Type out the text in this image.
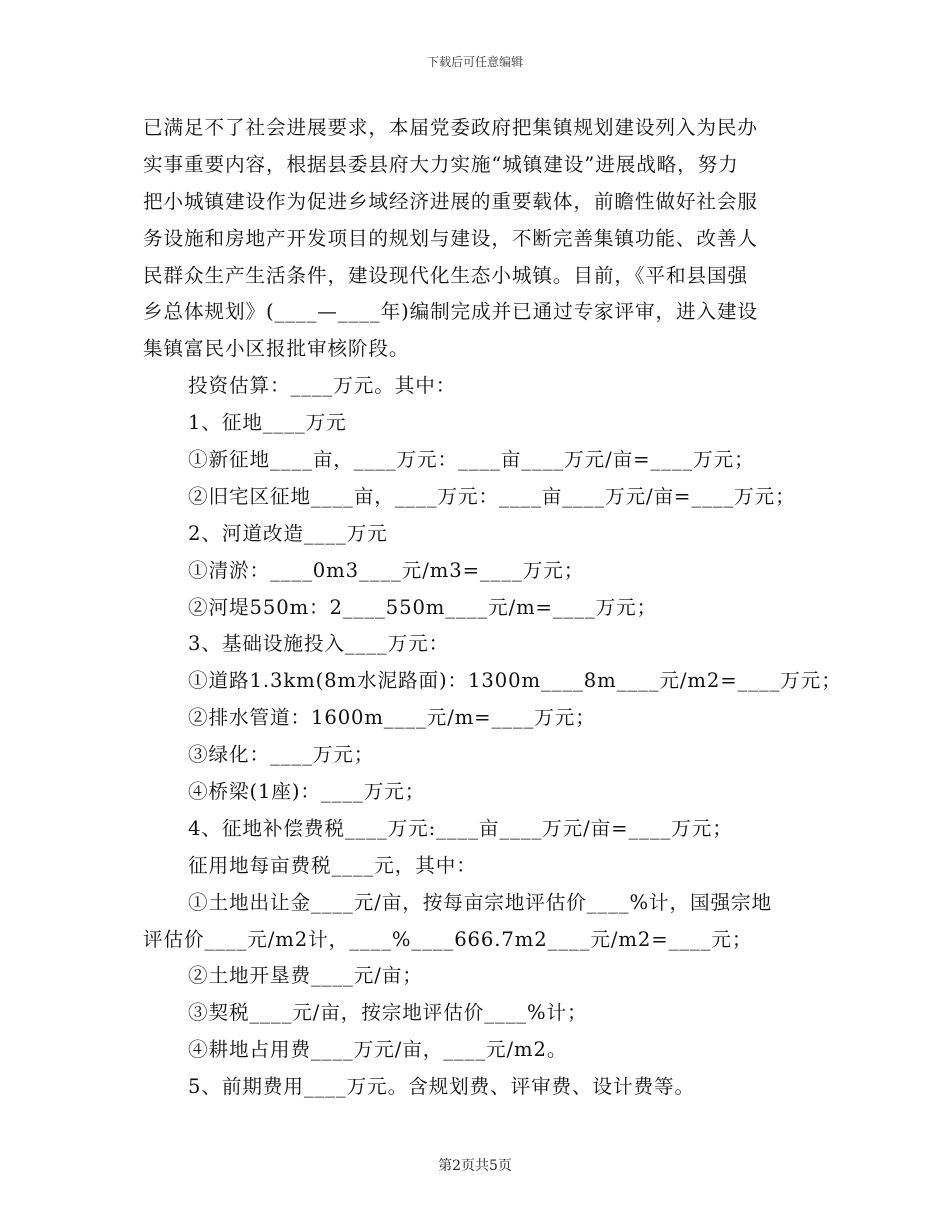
下载后可任意编辑
已满足不了社会进展要求，本届党委政府把集镇规划建设列入为民办
实事重要内容，根据县委县府大力实施“城镇建设”进展战略，努力
把小城镇建设作为促进乡域经济进展的重要载体，前瞻性做好社会服
务设施和房地产开发项目的规划与建设，不断完善集镇功能、改善人
民群众生产生活条件，建设现代化生态小城镇。目前，《平和县国强
乡总体规划》(____—____年)编制完成并已通过专家评审，进入建设
集镇富民小区报批审核阶段。
投资估算：____万元。其中：
1、征地____万元
①新征地____亩，____万元：____亩____万元/亩=____万元；
②旧宅区征地____亩，____万元：____亩____万元/亩=____万元；
2、河道改造____万元
①清淤：____0m3____元/m3=____万元；
②河堤550m：2____550m____元/m=____万元；
3、基础设施投入____万元：
①道路1.3km(8m水泥路面)：1300m____8m____元/m2=____万元；
②排水管道：1600m____元/m=____万元；
③绿化：____万元；
④桥梁(1座)：____万元；
4、征地补偿费税____万元:____亩____万元/亩=____万元；
征用地每亩费税____元，其中：
①土地出让金____元/亩，按每亩宗地评估价____%计，国强宗地
评估价____元/m2计，____%____666.7m2____元/m2=____元；
②土地开垦费____元/亩；
③契税____元/亩，按宗地评估价____%计；
④耕地占用费____万元/亩，____元/m2。
5、前期费用____万元。含规划费、评审费、设计费等。
第2页共5页
